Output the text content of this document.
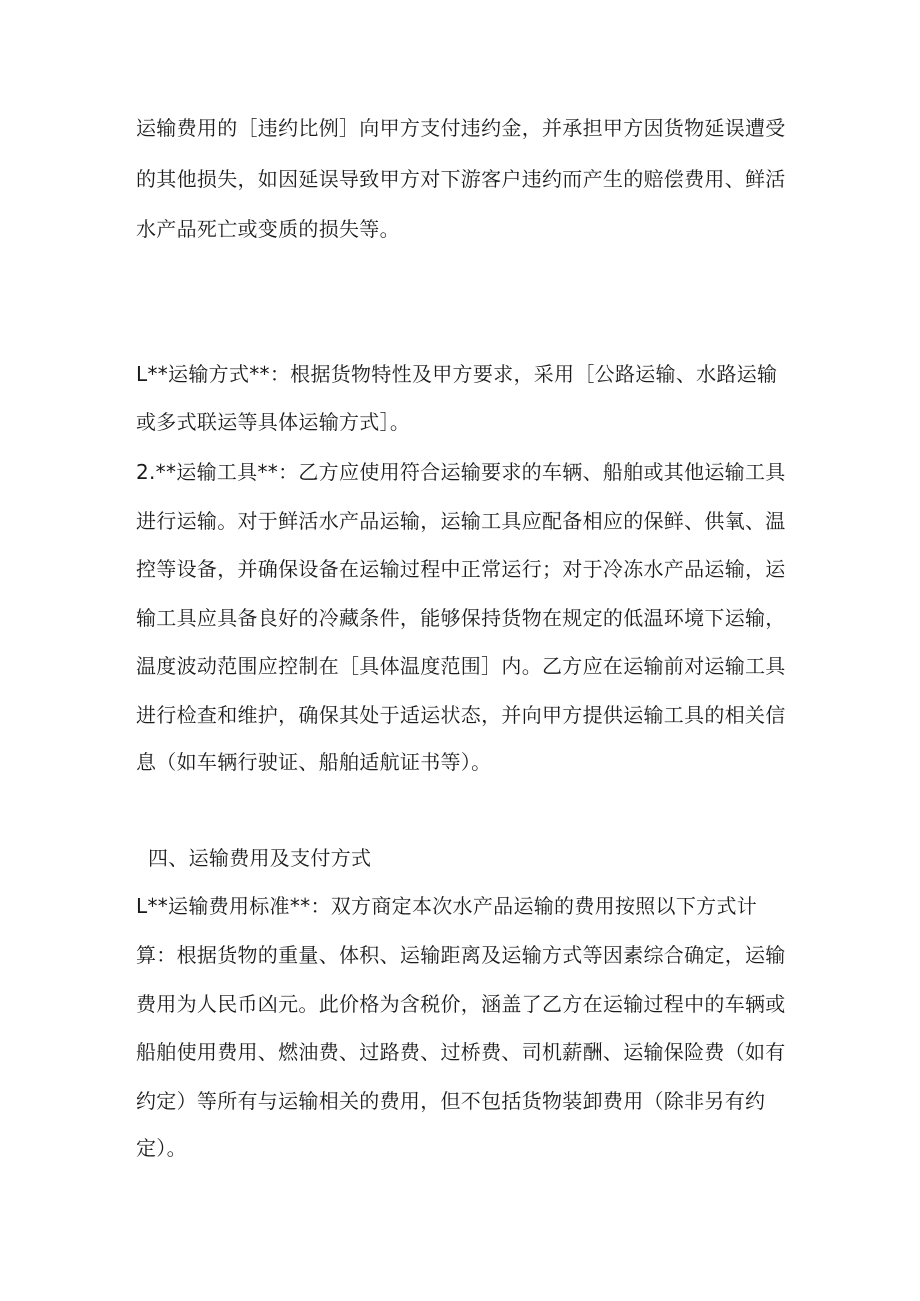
运输费用的［违约比例］向甲方支付违约金，并承担甲方因货物延误遭受
的其他损失，如因延误导致甲方对下游客户违约而产生的赔偿费用、鲜活
水产品死亡或变质的损失等。
L**运输方式**：根据货物特性及甲方要求，采用［公路运输、水路运输
或多式联运等具体运输方式］。
2.**运输工具**：乙方应使用符合运输要求的车辆、船舶或其他运输工具
进行运输。对于鲜活水产品运输，运输工具应配备相应的保鲜、供氧、温
控等设备，并确保设备在运输过程中正常运行；对于冷冻水产品运输，运
输工具应具备良好的冷藏条件，能够保持货物在规定的低温环境下运输，
温度波动范围应控制在［具体温度范围］内。乙方应在运输前对运输工具
进行检查和维护，确保其处于适运状态，并向甲方提供运输工具的相关信
息（如车辆行驶证、船舶适航证书等）。
四、运输费用及支付方式
L**运输费用标准**：双方商定本次水产品运输的费用按照以下方式计
算：根据货物的重量、体积、运输距离及运输方式等因素综合确定，运输
费用为人民币凶元。此价格为含税价，涵盖了乙方在运输过程中的车辆或
船舶使用费用、燃油费、过路费、过桥费、司机薪酬、运输保险费（如有
约定）等所有与运输相关的费用，但不包括货物装卸费用（除非另有约
定）。
